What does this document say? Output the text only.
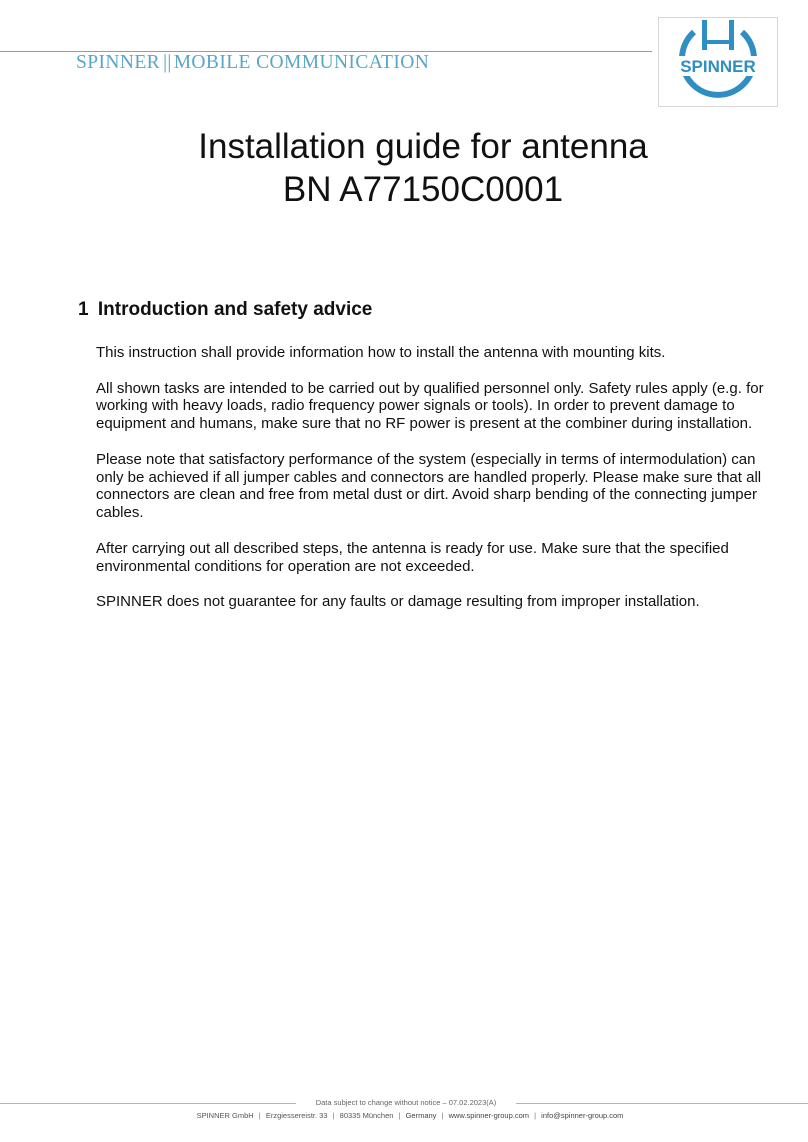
SPINNER || MOBILE COMMUNICATION	SPINNER
Installation guide for antenna
BN A77150C0001
1 Introduction and safety advice

This instruction shall provide information how to install the antenna with mounting kits.

All shown tasks are intended to be carried out by qualified personnel only. Safety rules apply (e.g. for working with heavy loads, radio frequency power signals or tools). In order to prevent damage to equipment and humans, make sure that no RF power is present at the combiner during installation.

Please note that satisfactory performance of the system (especially in terms of intermodulation) can only be achieved if all jumper cables and connectors are handled properly. Please make sure that all connectors are clean and free from metal dust or dirt. Avoid sharp bending of the connecting jumper cables.

After carrying out all described steps, the antenna is ready for use. Make sure that the specified environmental conditions for operation are not exceeded.

SPINNER does not guarantee for any faults or damage resulting from improper installation.

Data subject to change without notice – 07.02.2023(A)
SPINNER GmbH | Erzgiessereistr. 33 | 80335 München | Germany | www.spinner-group.com | info@spinner-group.com
